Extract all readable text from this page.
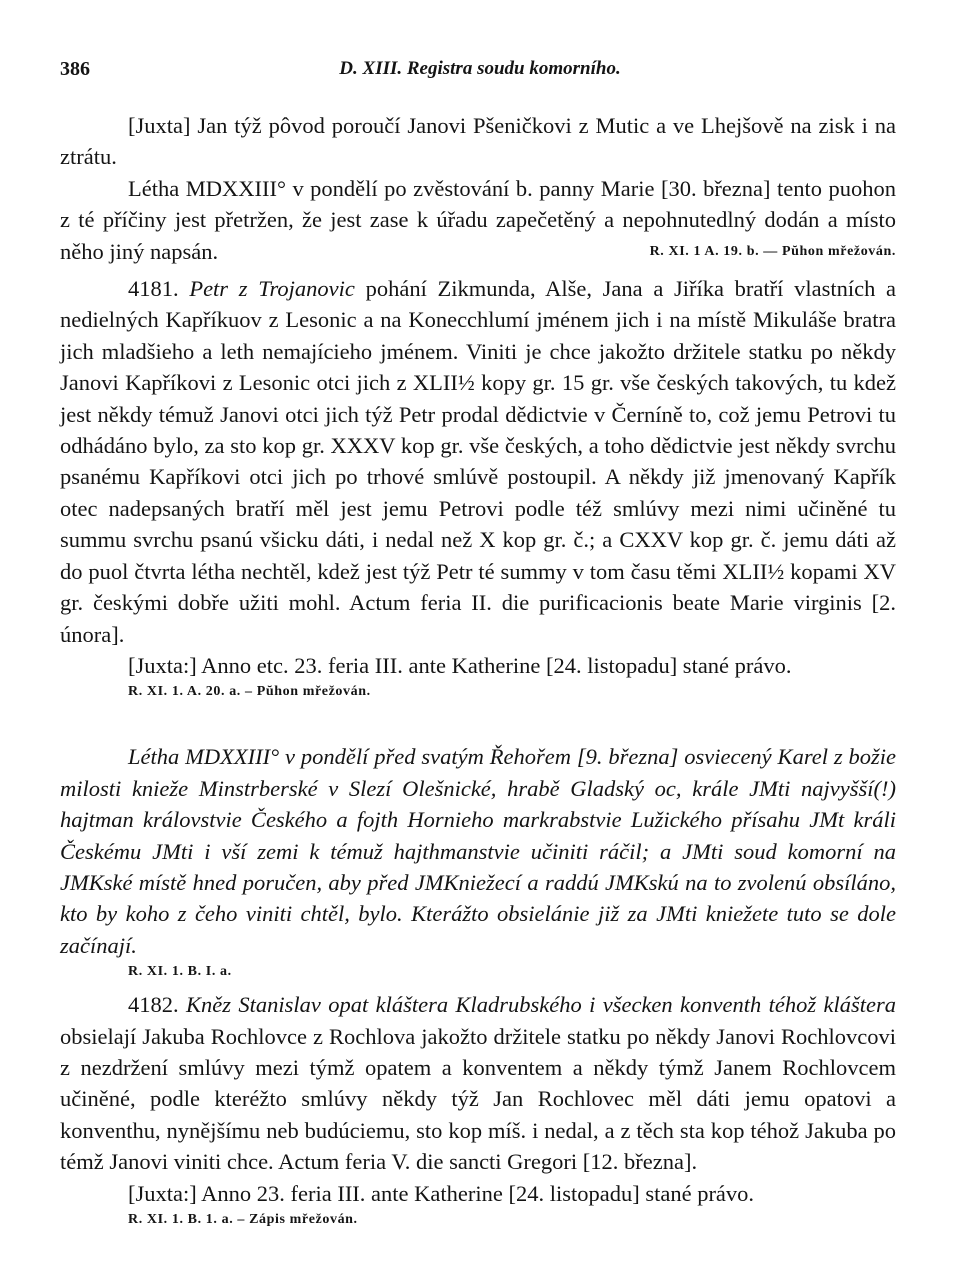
386	D. XIII. Registra soudu komorního.

[Juxta] Jan týž pôvod poroučí Janovi Pšeničkovi z Mutic a ve Lhejšově na zisk i na ztrátu.

Létha MDXXIII° v pondělí po zvěstování b. panny Marie [30. března] tento puohon z té příčiny jest přetržen, že jest zase k úřadu zapečetěný a nepohnutedlný dodán a místo něho jiný napsán.	R. XI. 1 A. 19. b. — Pŭhon mřežován.

4181. Petr z Trojanovic pohání Zikmunda, Alše, Jana a Jiříka bratří vlastních a nedielných Kapříkuov z Lesonic a na Konecchlumí jménem jich i na místě Mikuláše bratra jich mladšieho a leth nemajícieho jménem. Viniti je chce jakožto držitele statku po někdy Janovi Kapříkovi z Lesonic otci jich z XLII½ kopy gr. 15 gr. vše českých takových, tu kdež jest někdy témuž Janovi otci jich týž Petr prodal dědictvie v Černíně to, což jemu Petrovi tu odhádáno bylo, za sto kop gr. XXXV kop gr. vše českých, a toho dědictvie jest někdy svrchu psanému Kapříkovi otci jich po trhové smlúvě postoupil. A někdy již jmenovaný Kapřík otec nadepsaných bratří měl jest jemu Petrovi podle též smlúvy mezi nimi učiněné tu summu svrchu psanú všicku dáti, i nedal než X kop gr. č.; a CXXV kop gr. č. jemu dáti až do puol čtvrta létha nechtěl, kdež jest týž Petr té summy v tom času těmi XLII½ kopami XV gr. českými dobře užiti mohl. Actum feria II. die purificacionis beate Marie virginis [2. února].

[Juxta:] Anno etc. 23. feria III. ante Katherine [24. listopadu] stané právo.

R. XI. 1. A. 20. a. – Pŭhon mřežován.

Létha MDXXIII° v pondělí před svatým Řehořem [9. března] osviecený Karel z božie milosti knieže Minstrberské v Slezí Olešnické, hrabě Gladský oc, krále JMti najvyšší(!) hajtman královstvie Českého a fojth Hornieho markrabstvie Lužického přísahu JMt králi Českému JMti i vší zemi k témuž hajthmanstvie učiniti ráčil; a JMti soud komorní na JMKské místě hned poručen, aby před JMKniežecí a raddú JMKskú na to zvolenú obsíláno, kto by koho z čeho viniti chtěl, bylo. Kterážto obsielánie již za JMti kniežete tuto se dole začínají.

R. XI. 1. B. I. a.

4182. Kněz Stanislav opat kláštera Kladrubského i všecken konventh téhož kláštera obsielají Jakuba Rochlovce z Rochlova jakožto držitele statku po někdy Janovi Rochlovcovi z nezdržení smlúvy mezi týmž opatem a konventem a někdy týmž Janem Rochlovcem učiněné, podle kteréžto smlúvy někdy týž Jan Rochlovec měl dáti jemu opatovi a konventhu, nynějšímu neb budúciemu, sto kop míš. i nedal, a z těch sta kop téhož Jakuba po témž Janovi viniti chce. Actum feria V. die sancti Gregori [12. března].

[Juxta:] Anno 23. feria III. ante Katherine [24. listopadu] stané právo.

R. XI. 1. B. 1. a. – Zápis mřežován.
